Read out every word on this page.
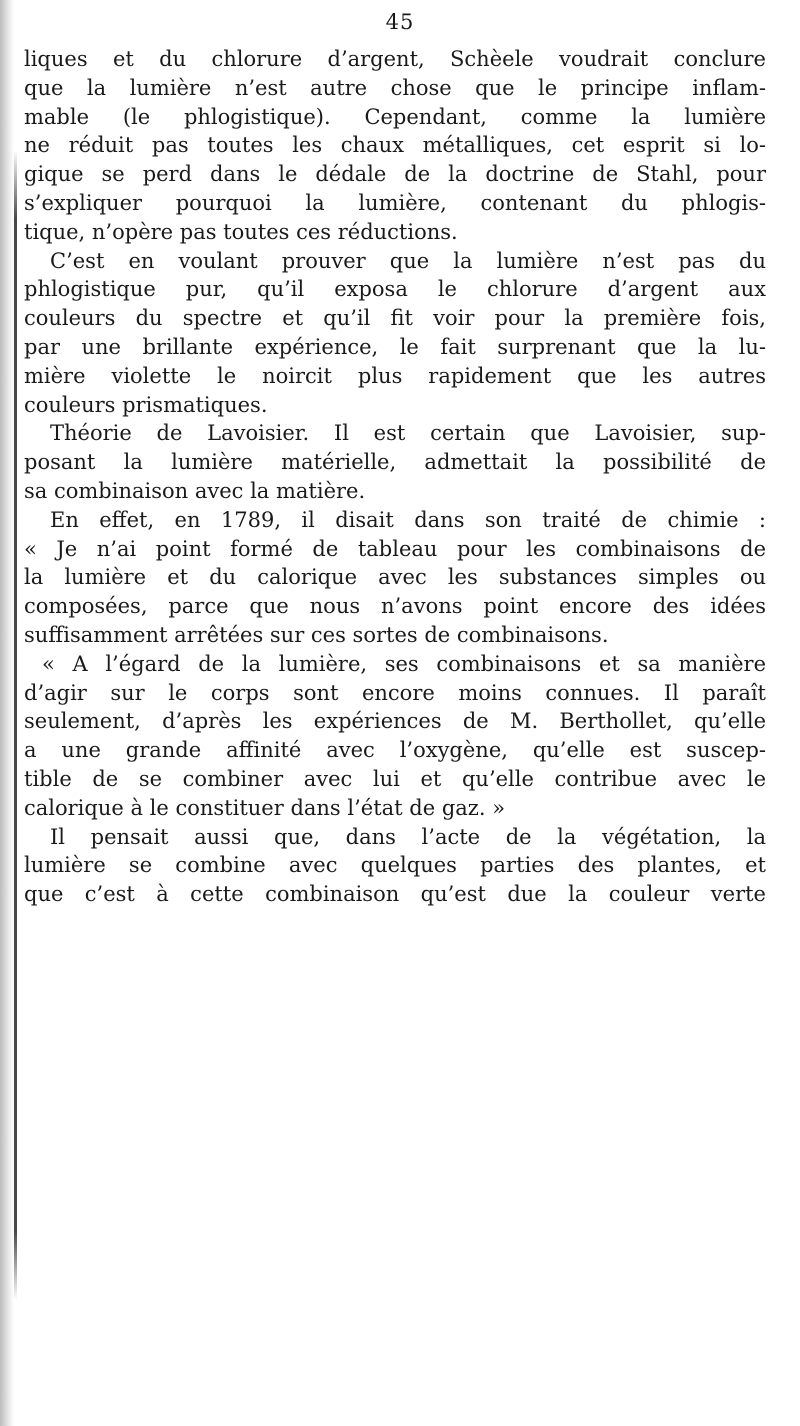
45
liques et du chlorure d’argent, Schèele voudrait conclure
que la lumière n’est autre chose que le principe inflam-
mable (le phlogistique). Cependant, comme la lumière
ne réduit pas toutes les chaux métalliques, cet esprit si lo-
gique se perd dans le dédale de la doctrine de Stahl, pour
s’expliquer pourquoi la lumière, contenant du phlogis-
tique, n’opère pas toutes ces réductions.
C’est en voulant prouver que la lumière n’est pas du
phlogistique pur, qu’il exposa le chlorure d’argent aux
couleurs du spectre et qu’il fit voir pour la première fois,
par une brillante expérience, le fait surprenant que la lu-
mière violette le noircit plus rapidement que les autres
couleurs prismatiques.
Théorie de Lavoisier. Il est certain que Lavoisier, sup-
posant la lumière matérielle, admettait la possibilité de
sa combinaison avec la matière.
En effet, en 1789, il disait dans son traité de chimie :
« Je n’ai point formé de tableau pour les combinaisons de
la lumière et du calorique avec les substances simples ou
composées, parce que nous n’avons point encore des idées
suffisamment arrêtées sur ces sortes de combinaisons.
« A l’égard de la lumière, ses combinaisons et sa manière
d’agir sur le corps sont encore moins connues. Il paraît
seulement, d’après les expériences de M. Berthollet, qu’elle
a une grande affinité avec l’oxygène, qu’elle est suscep-
tible de se combiner avec lui et qu’elle contribue avec le
calorique à le constituer dans l’état de gaz. »
Il pensait aussi que, dans l’acte de la végétation, la
lumière se combine avec quelques parties des plantes, et
que c’est à cette combinaison qu’est due la couleur verte
